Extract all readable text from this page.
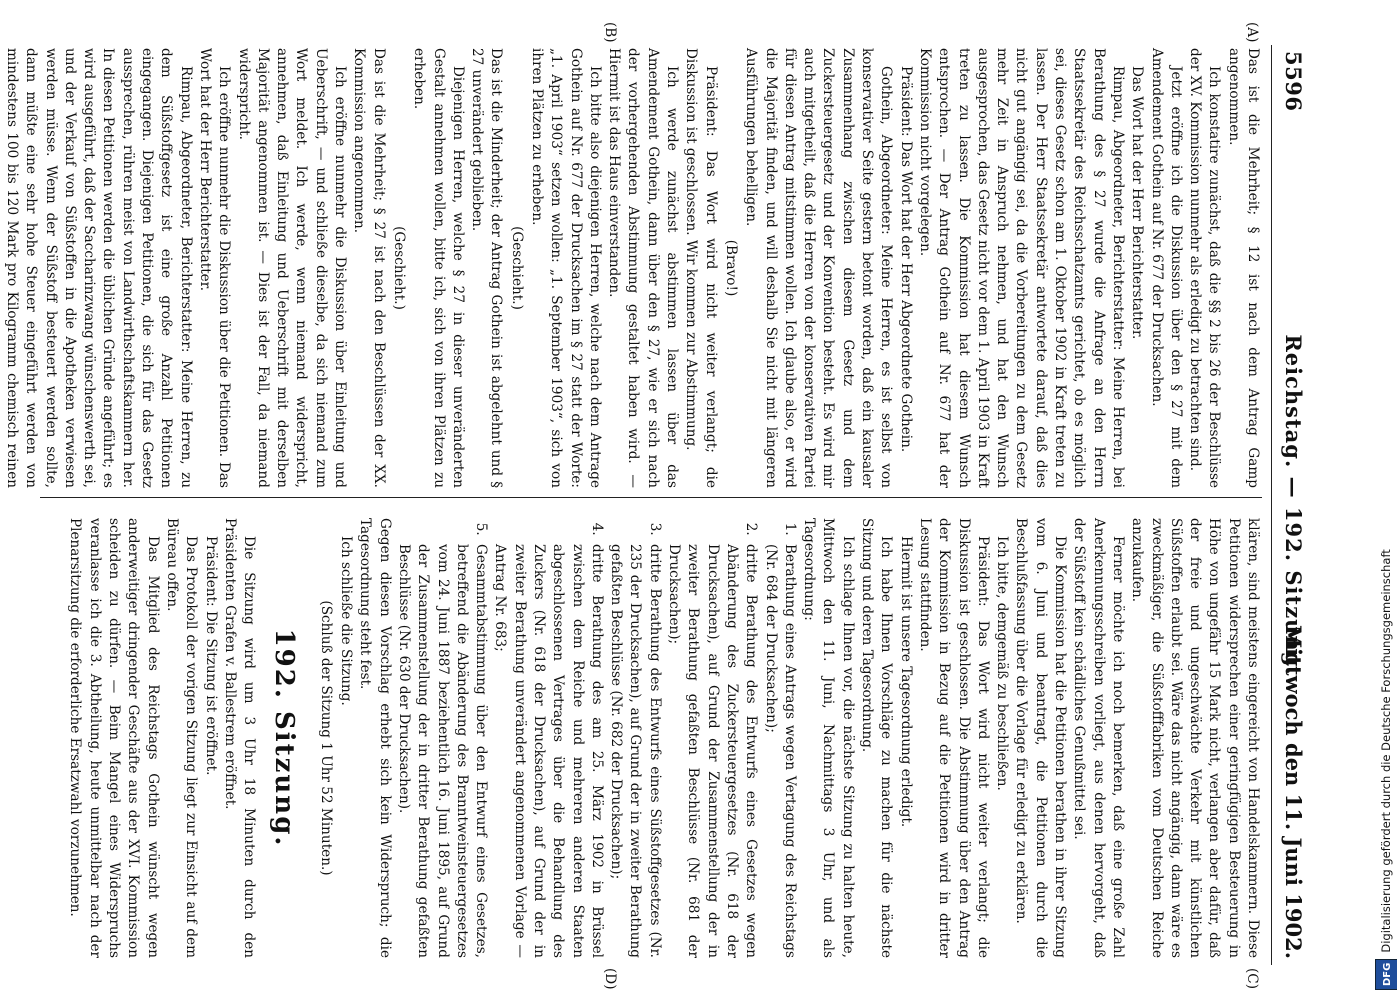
5596
Reichstag. — 192. Sitzung.
Mittwoch den 11. Juni 1902.
(A)
(B)
(C)
(D)

Das ist die Mehrheit; § 12 ist nach dem Antrag Gamp angenommen.

Ich konstatire zunächst, daß die §§ 2 bis 26 der Beschlüsse der XV. Kommission nunmehr als erledigt zu betrachten sind.

Jetzt eröffne ich die Diskussion über den § 27 mit dem Amendement Gothein auf Nr. 677 der Drucksachen.

Das Wort hat der Herr Berichterstatter.

Rimpau, Abgeordneter, Berichterstatter: Meine Herren, bei Berathung des § 27 wurde die Anfrage an den Herrn Staatssekretär des Reichsschatzamts gerichtet, ob es möglich sei, dieses Gesetz schon am 1. Oktober 1902 in Kraft treten zu lassen. Der Herr Staatssekretär antwortete darauf, daß dies nicht gut angängig sei, da die Vorbereitungen zu dem Gesetz mehr Zeit in Anspruch nehmen, und hat den Wunsch ausgesprochen, das Gesetz nicht vor dem 1. April 1903 in Kraft treten zu lassen. Die Kommission hat diesem Wunsch entsprochen. — Der Antrag Gothein auf Nr. 677 hat der Kommission nicht vorgelegen.

Präsident: Das Wort hat der Herr Abgeordnete Gothein.

Gothein, Abgeordneter: Meine Herren, es ist selbst von konservativer Seite gestern betont worden, daß ein kausaler Zusammenhang zwischen diesem Gesetz und dem Zuckersteuergesetz und der Konvention besteht. Es wird mir auch mitgetheilt, daß die Herren von der konservativen Partei für diesen Antrag mitstimmen wollen. Ich glaube also, er wird die Majorität finden, und will deshalb Sie nicht mit längeren Ausführungen behelligen.

(Bravo!)

Präsident: Das Wort wird nicht weiter verlangt; die Diskussion ist geschlossen. Wir kommen zur Abstimmung.

Ich werde zunächst abstimmen lassen über das Amendement Gothein, dann über den § 27, wie er sich nach der vorhergehenden Abstimmung gestaltet haben wird. — Hiermit ist das Haus einverstanden.

Ich bitte also diejenigen Herren, welche nach dem Antrage Gothein auf Nr. 677 der Drucksachen im § 27 statt der Worte: „1. April 1903“ setzen wollen: „1. September 1903“, sich von ihren Plätzen zu erheben.

(Geschieht.)

Das ist die Minderheit; der Antrag Gothein ist abgelehnt und § 27 unverändert geblieben.

Diejenigen Herren, welche § 27 in dieser unveränderten Gestalt annehmen wollen, bitte ich, sich von ihren Plätzen zu erheben.

(Geschieht.)

Das ist die Mehrheit; § 27 ist nach den Beschlüssen der XX. Kommission angenommen.

Ich eröffne nunmehr die Diskussion über Einleitung und Ueberschrift, — und schließe dieselbe, da sich niemand zum Wort meldet. Ich werde, wenn niemand widerspricht, annehmen, daß Einleitung und Ueberschrift mit derselben Majorität angenommen ist. — Dies ist der Fall, da niemand widerspricht.

Ich eröffne nunmehr die Diskussion über die Petitionen. Das Wort hat der Herr Berichterstatter.

Rimpau, Abgeordneter, Berichterstatter: Meine Herren, zu dem Süßstoffgesetz ist eine große Anzahl Petitionen eingegangen. Diejenigen Petitionen, die sich für das Gesetz aussprechen, rühren meist von Landwirthschaftskammern her. In diesen Petitionen werden die üblichen Gründe angeführt; es wird ausgeführt, daß der Saccharinzwang wünschenswerth sei, und der Verkauf von Süßstoffen in die Apotheken verwiesen werden müsse. Wenn der Süßstoff besteuert werden sollte, dann müßte eine sehr hohe Steuer eingeführt werden von mindestens 100 bis 120 Mark pro Kilogramm chemisch reinen

klären, sind meistens eingereicht von Handelskammern. Diese Petitionen widersprechen einer geringfügigen Besteuerung in Höhe von ungefähr 15 Mark nicht, verlangen aber dafür, daß der freie und ungeschwächte Verkehr mit künstlichen Süßstoffen erlaubt sei. Wäre das nicht angängig, dann wäre es zweckmäßiger, die Süßstofffabriken vom Deutschen Reiche anzukaufen.

Ferner möchte ich noch bemerken, daß eine große Zahl Anerkennungsschreiben vorliegt, aus denen hervorgeht, daß der Süßstoff kein schädliches Genußmittel sei.

Die Kommission hat die Petitionen berathen in ihrer Sitzung vom 6. Juni und beantragt, die Petitionen durch die Beschlußfassung über die Vorlage für erledigt zu erklären.

Ich bitte, demgemäß zu beschließen.

Präsident: Das Wort wird nicht weiter verlangt; die Diskussion ist geschlossen. Die Abstimmung über den Antrag der Kommission in Bezug auf die Petitionen wird in dritter Lesung stattfinden.

Hiermit ist unsere Tagesordnung erledigt.

Ich habe Ihnen Vorschläge zu machen für die nächste Sitzung und deren Tagesordnung.

Ich schlage Ihnen vor, die nächste Sitzung zu halten heute, Mittwoch den 11. Juni, Nachmittags 3 Uhr, und als Tagesordnung:

1. Berathung eines Antrags wegen Vertagung des Reichstags (Nr. 684 der Drucksachen);
2. dritte Berathung des Entwurfs eines Gesetzes wegen Abänderung des Zuckersteuergesetzes (Nr. 618 der Drucksachen), auf Grund der Zusammenstellung der in zweiter Berathung gefaßten Beschlüsse (Nr. 681 der Drucksachen);
3. dritte Berathung des Entwurfs eines Süßstoffgesetzes (Nr. 235 der Drucksachen), auf Grund der in zweiter Berathung gefaßten Beschlüsse (Nr. 682 der Drucksachen);
4. dritte Berathung des am 25. März 1902 in Brüssel zwischen dem Reiche und mehreren anderen Staaten abgeschlossenen Vertrages über die Behandlung des Zuckers (Nr. 618 der Drucksachen), auf Grund der in zweiter Berathung unverändert angenommenen Vorlage — Antrag Nr. 683;
5. Gesammtabstimmung über den Entwurf eines Gesetzes, betreffend die Abänderung des Branntweinsteuergesetzes vom 24. Juni 1887 beziehentlich 16. Juni 1895, auf Grund der Zusammenstellung der in dritter Berathung gefaßten Beschlüsse (Nr. 630 der Drucksachen).

Gegen diesen Vorschlag erhebt sich kein Widerspruch; die Tagesordnung steht fest.

Ich schließe die Sitzung.

(Schluß der Sitzung 1 Uhr 52 Minuten.)

192. Sitzung.

Die Sitzung wird um 3 Uhr 18 Minuten durch den Präsidenten Grafen v. Ballestrem eröffnet.

Präsident: Die Sitzung ist eröffnet.

Das Protokoll der vorigen Sitzung liegt zur Einsicht auf dem Büreau offen.

Das Mitglied des Reichstags Gothein wünscht wegen anderweitiger dringender Geschäfte aus der XVI. Kommission scheiden zu dürfen. — Beim Mangel eines Widerspruchs veranlasse ich die 3. Abtheilung, heute unmittelbar nach der Plenarsitzung die erforderliche Ersatzwahl vorzunehmen.

DFGDigitalisierung gefördert durch die Deutsche Forschungsgemeinschaft
